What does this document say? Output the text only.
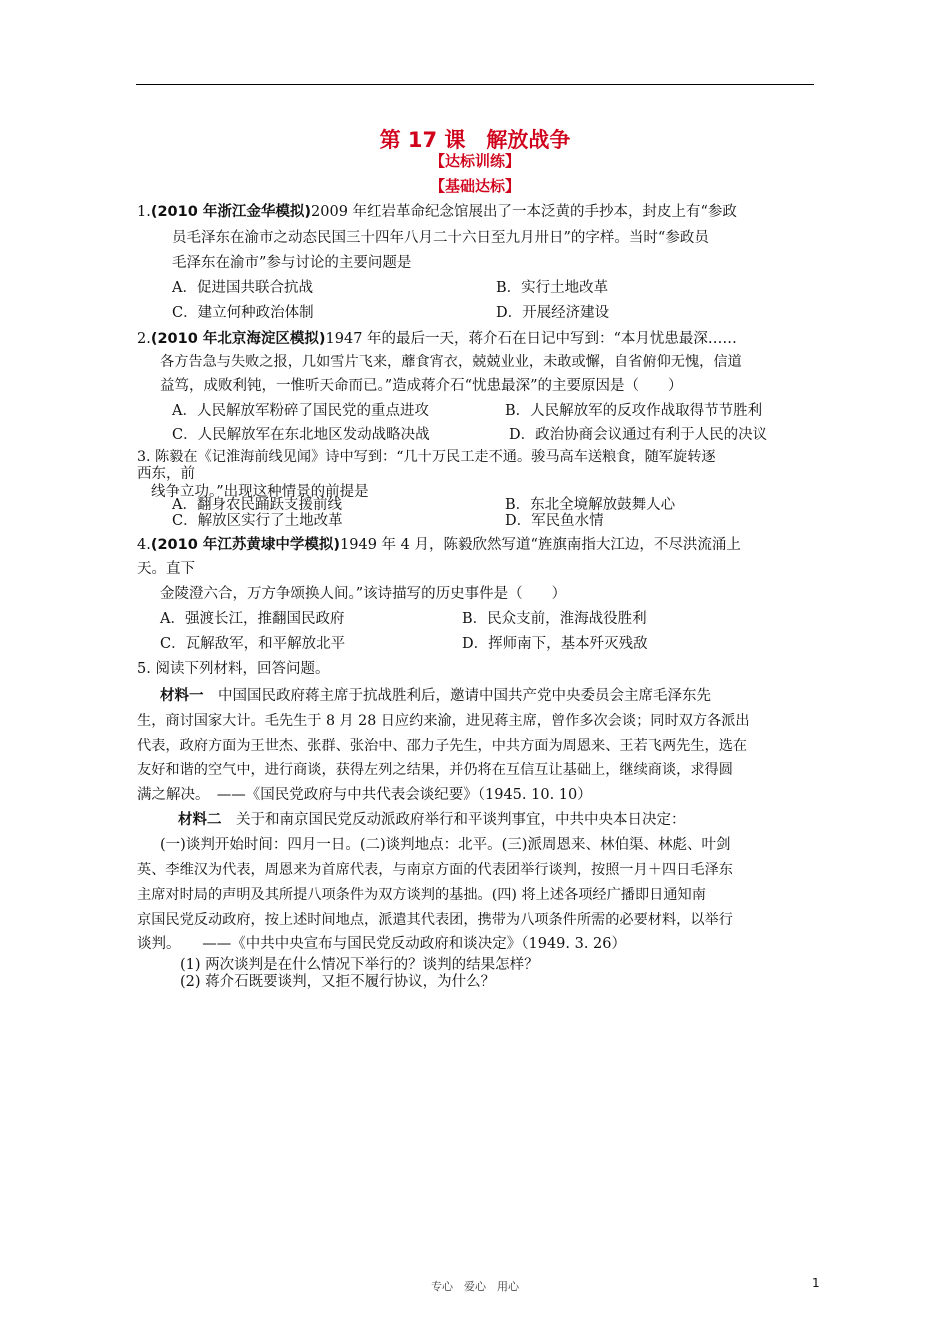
第 17 课　解放战争
【达标训练】
【基础达标】
1.(2010 年浙江金华模拟)2009 年红岩革命纪念馆展出了一本泛黄的手抄本，封皮上有“参政
员毛泽东在渝市之动态民国三十四年八月二十六日至九月卅日”的字样。当时“参政员
毛泽东在渝市”参与讨论的主要问题是
A．促进国共联合抗战	B．实行土地改革
C．建立何种政治体制	D．开展经济建设
2.(2010 年北京海淀区模拟)1947 年的最后一天，蒋介石在日记中写到：“本月忧患最深……
各方告急与失败之报，几如雪片飞来，蘼食宵衣，兢兢业业，未敢或懈，自省俯仰无愧，信道
益笃，成败利钝，一惟听天命而已。”造成蒋介石“忧患最深”的主要原因是（　　）
A．人民解放军粉碎了国民党的重点进攻	B．人民解放军的反攻作战取得节节胜利
C．人民解放军在东北地区发动战略决战	D．政治协商会议通过有利于人民的决议
3. 陈毅在《记淮海前线见闻》诗中写到：“几十万民工走不通。骏马高车送粮食，随军旋转逐
西东，前
线争立功。”出现这种情景的前提是
A．翻身农民踊跃支援前线	B．东北全境解放鼓舞人心
C．解放区实行了土地改革	D．军民鱼水情
4.(2010 年江苏黄埭中学模拟)1949 年 4 月，陈毅欣然写道“旌旗南指大江边，不尽洪流涌上
天。直下
金陵澄六合，万方争颂换人间。”该诗描写的历史事件是（　　）
A．强渡长江，推翻国民政府	B．民众支前，淮海战役胜利
C．瓦解敌军，和平解放北平	D．挥师南下，基本歼灭残敌
5. 阅读下列材料，回答问题。
材料一　中国国民政府蒋主席于抗战胜利后，邀请中国共产党中央委员会主席毛泽东先
生，商讨国家大计。毛先生于 8 月 28 日应约来渝，进见蒋主席，曾作多次会谈；同时双方各派出
代表，政府方面为王世杰、张群、张治中、邵力子先生，中共方面为周恩来、王若飞两先生，选在
友好和谐的空气中，进行商谈，获得左列之结果，并仍将在互信互让基础上，继续商谈，求得圆
满之解决。　——《国民党政府与中共代表会谈纪要》（1945. 10. 10）
材料二　关于和南京国民党反动派政府举行和平谈判事宜，中共中央本日决定：
(一)谈判开始时间：四月一日。(二)谈判地点：北平。(三)派周恩来、林伯渠、林彪、叶剑
英、李维汉为代表，周恩来为首席代表，与南京方面的代表团举行谈判，按照一月＋四日毛泽东
主席对时局的声明及其所提八项条件为双方谈判的基拙。(四) 将上述各项经广播即日通知南
京国民党反动政府，按上述时间地点，派遣其代表团，携带为八项条件所需的必要材料，以举行
谈判。　　——《中共中央宣布与国民党反动政府和谈决定》（1949. 3. 26）
(1) 两次谈判是在什么情况下举行的？谈判的结果怎样？
(2) 蒋介石既要谈判，又拒不履行协议，为什么？
专心　爱心　用心	1
